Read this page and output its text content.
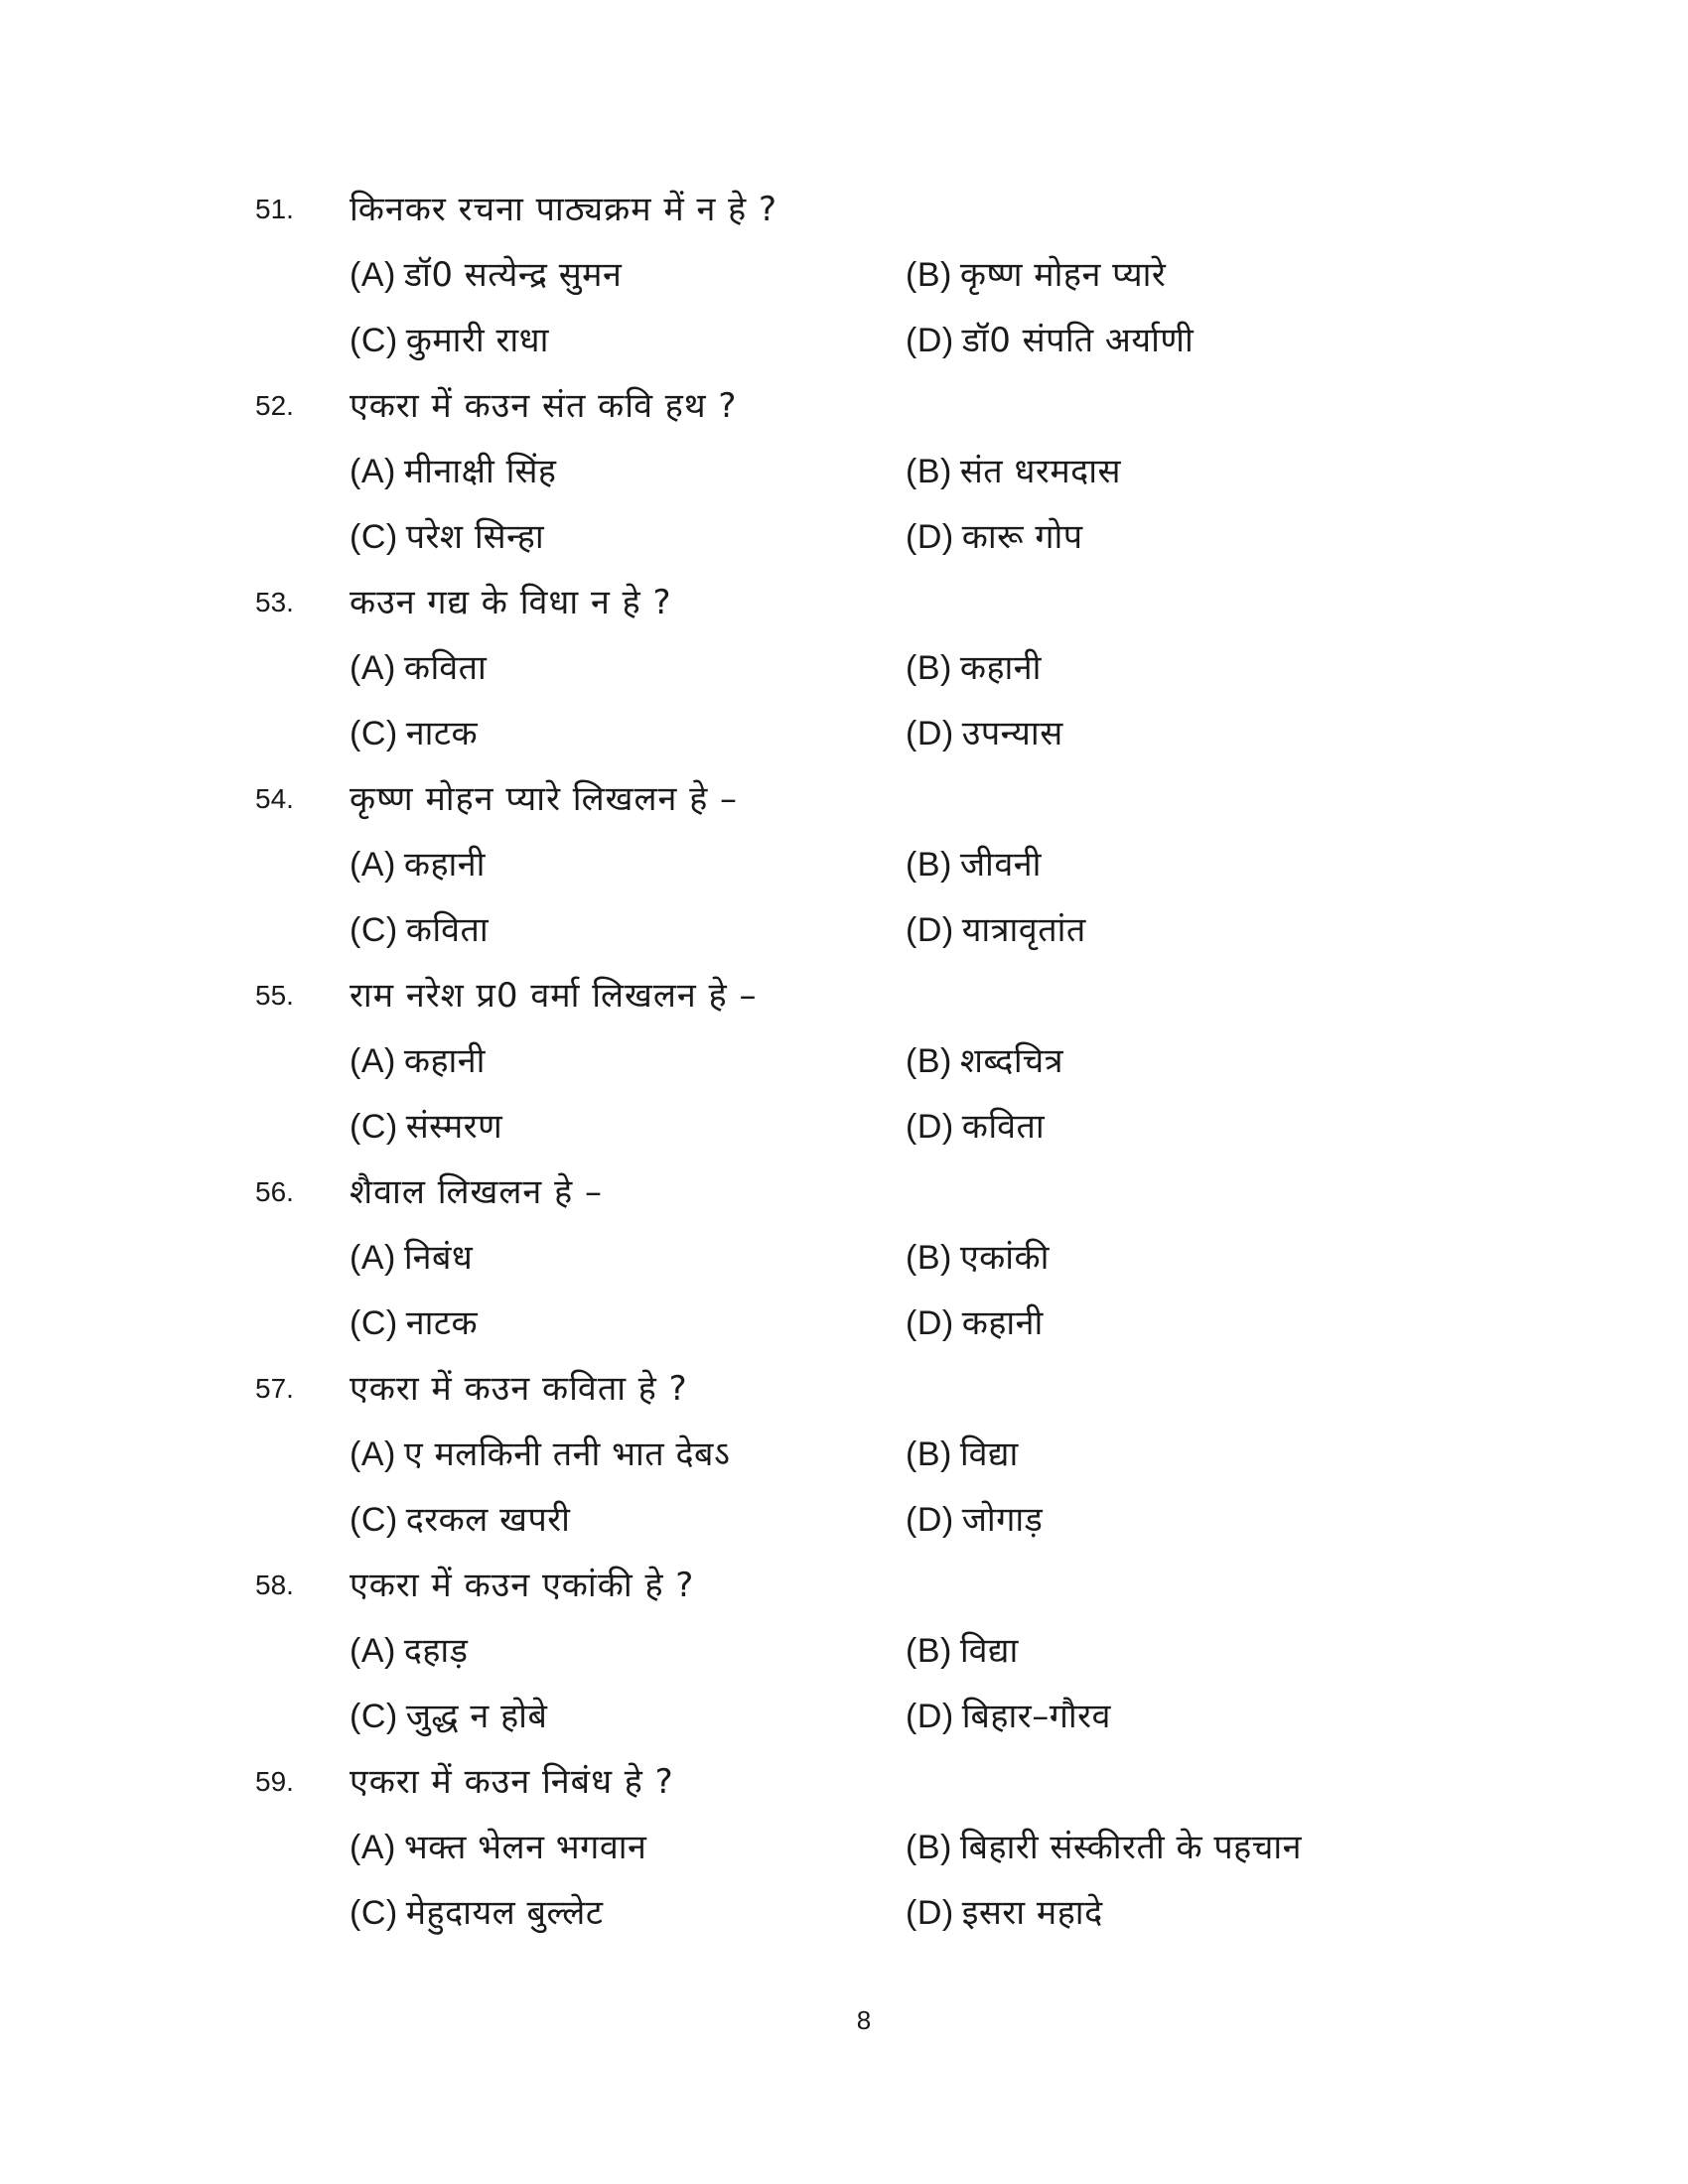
51. किनकर रचना पाठ्यक्रम में न हे ?
(A) डॉ0 सत्येन्द्र सुमन	(B) कृष्ण मोहन प्यारे
(C) कुमारी राधा	(D) डॉ0 संपति अर्याणी
52. एकरा में कउन संत कवि हथ ?
(A) मीनाक्षी सिंह	(B) संत धरमदास
(C) परेश सिन्हा	(D) कारू गोप
53. कउन गद्य के विधा न हे ?
(A) कविता	(B) कहानी
(C) नाटक	(D) उपन्यास
54. कृष्ण मोहन प्यारे लिखलन हे –
(A) कहानी	(B) जीवनी
(C) कविता	(D) यात्रावृतांत
55. राम नरेश प्र0 वर्मा लिखलन हे –
(A) कहानी	(B) शब्दचित्र
(C) संस्मरण	(D) कविता
56. शैवाल लिखलन हे –
(A) निबंध	(B) एकांकी
(C) नाटक	(D) कहानी
57. एकरा में कउन कविता हे ?
(A) ए मलकिनी तनी भात देबऽ	(B) विद्या
(C) दरकल खपरी	(D) जोगाड़
58. एकरा में कउन एकांकी हे ?
(A) दहाड़	(B) विद्या
(C) जुद्ध न होबे	(D) बिहार–गौरव
59. एकरा में कउन निबंध हे ?
(A) भक्त भेलन भगवान	(B) बिहारी संस्कीरती के पहचान
(C) मेहुदायल बुल्लेट	(D) इसरा महादे
8
